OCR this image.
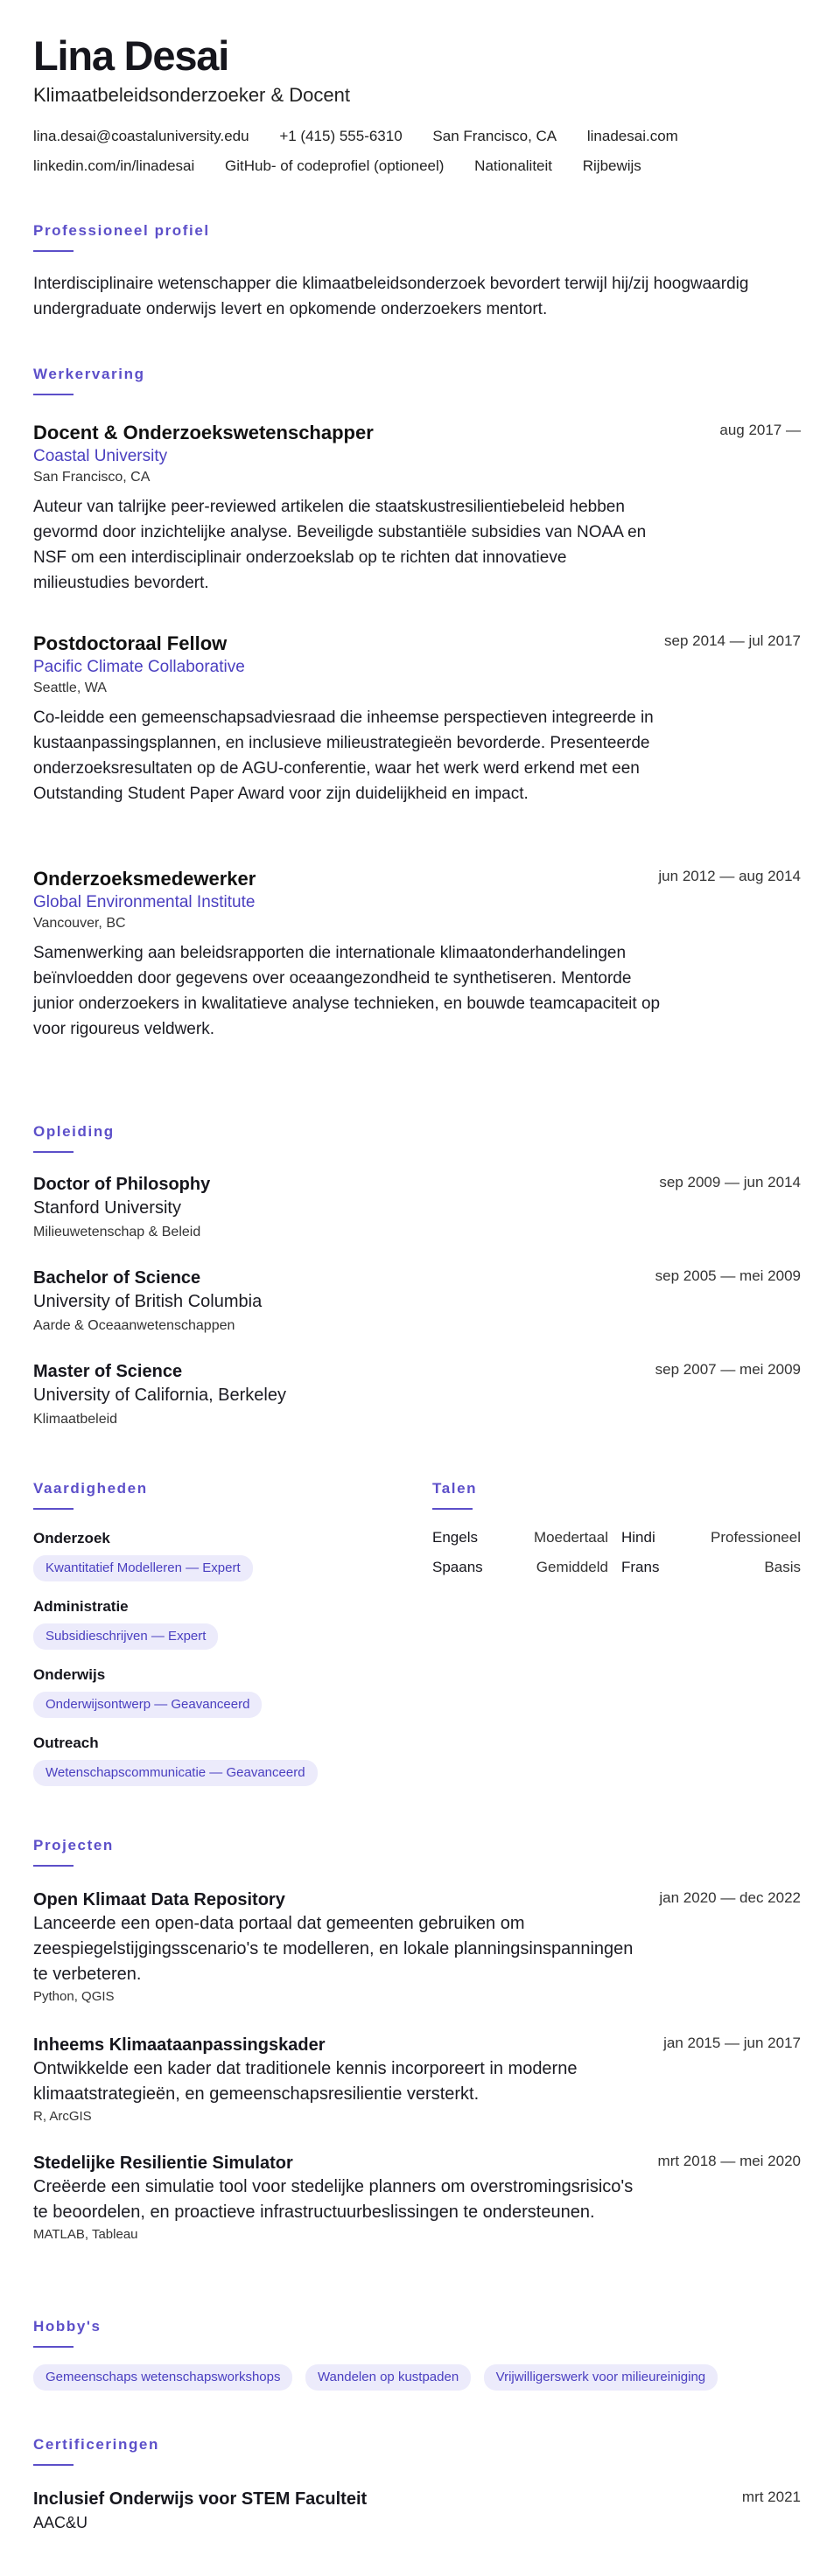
Lina Desai
Klimaatbeleidsonderzoeker & Docent
lina.desai@coastaluniversity.edu +1 (415) 555-6310 San Francisco, CA linadesai.com
linkedin.com/in/linadesai GitHub- of codeprofiel (optioneel) Nationaliteit Rijbewijs
Professioneel profiel
Interdisciplinaire wetenschapper die klimaatbeleidsonderzoek bevordert terwijl hij/zij hoogwaardig undergraduate onderwijs levert en opkomende onderzoekers mentort.
Werkervaring
Docent & Onderzoekswetenschapper	aug 2017 —
Coastal University
San Francisco, CA
Auteur van talrijke peer-reviewed artikelen die staatskustresilientiebeleid hebben gevormd door inzichtelijke analyse. Beveiligde substantiële subsidies van NOAA en NSF om een interdisciplinair onderzoekslab op te richten dat innovatieve milieustudies bevordert.
Postdoctoraal Fellow	sep 2014 — jul 2017
Pacific Climate Collaborative
Seattle, WA
Co-leidde een gemeenschapsadviesraad die inheemse perspectieven integreerde in kustaanpassingsplannen, en inclusieve milieustrategieën bevorderde. Presenteerde onderzoeksresultaten op de AGU-conferentie, waar het werk werd erkend met een Outstanding Student Paper Award voor zijn duidelijkheid en impact.
Onderzoeksmedewerker	jun 2012 — aug 2014
Global Environmental Institute
Vancouver, BC
Samenwerking aan beleidsrapporten die internationale klimaatonderhandelingen beïnvloedden door gegevens over oceaangezondheid te synthetiseren. Mentorde junior onderzoekers in kwalitatieve analyse technieken, en bouwde teamcapaciteit op voor rigoureus veldwerk.
Opleiding
Doctor of Philosophy	sep 2009 — jun 2014
Stanford University
Milieuwetenschap & Beleid
Bachelor of Science	sep 2005 — mei 2009
University of British Columbia
Aarde & Oceaanwetenschappen
Master of Science	sep 2007 — mei 2009
University of California, Berkeley
Klimaatbeleid
Vaardigheden
Onderzoek
Kwantitatief Modelleren — Expert
Administratie
Subsidieschrijven — Expert
Onderwijs
Onderwijsontwerp — Geavanceerd
Outreach
Wetenschapscommunicatie — Geavanceerd
Talen
Engels	Moedertaal Hindi	Professioneel
Spaans	Gemiddeld Frans	Basis
Projecten
Open Klimaat Data Repository	jan 2020 — dec 2022
Lanceerde een open-data portaal dat gemeenten gebruiken om zeespiegelstijgingsscenario's te modelleren, en lokale planningsinspanningen te verbeteren.
Python, QGIS
Inheems Klimaataanpassingskader	jan 2015 — jun 2017
Ontwikkelde een kader dat traditionele kennis incorporeert in moderne klimaatstrategieën, en gemeenschapsresilientie versterkt.
R, ArcGIS
Stedelijke Resilientie Simulator	mrt 2018 — mei 2020
Creëerde een simulatie tool voor stedelijke planners om overstromingsrisico's te beoordelen, en proactieve infrastructuurbeslissingen te ondersteunen.
MATLAB, Tableau
Hobby's
Gemeenschaps wetenschapsworkshops	Wandelen op kustpaden	Vrijwilligerswerk voor milieureiniging
Certificeringen
Inclusief Onderwijs voor STEM Faculteit	mrt 2021
AAC&U
